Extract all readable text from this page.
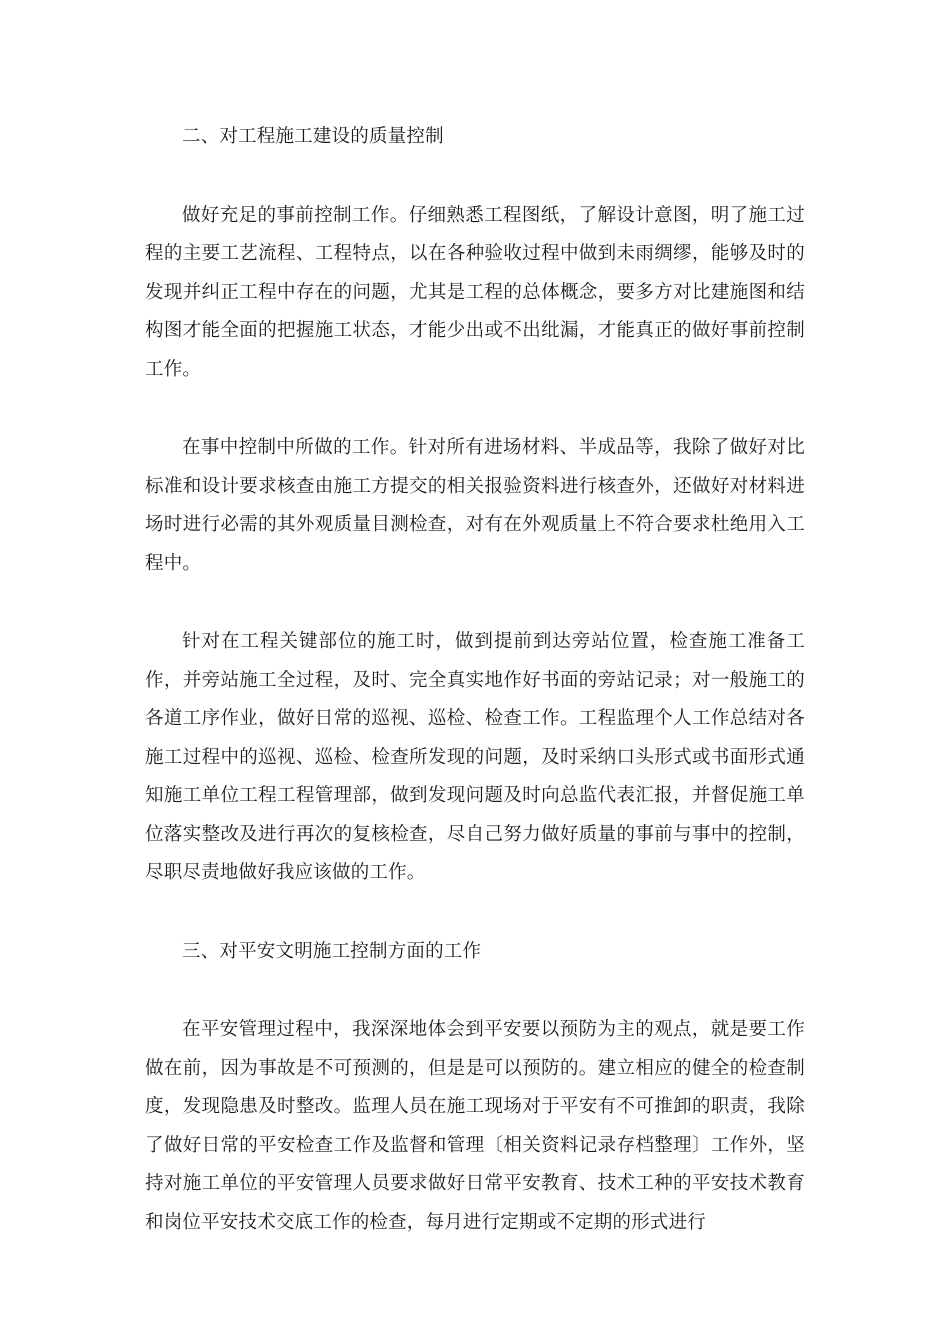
二、对工程施工建设的质量控制

做好充足的事前控制工作。仔细熟悉工程图纸，了解设计意图，明了施工过程的主要工艺流程、工程特点，以在各种验收过程中做到未雨绸缪，能够及时的发现并纠正工程中存在的问题，尤其是工程的总体概念，要多方对比建施图和结构图才能全面的把握施工状态，才能少出或不出纰漏，才能真正的做好事前控制工作。

在事中控制中所做的工作。针对所有进场材料、半成品等，我除了做好对比标准和设计要求核查由施工方提交的相关报验资料进行核查外，还做好对材料进场时进行必需的其外观质量目测检查，对有在外观质量上不符合要求杜绝用入工程中。

针对在工程关键部位的施工时，做到提前到达旁站位置，检查施工准备工作，并旁站施工全过程，及时、完全真实地作好书面的旁站记录；对一般施工的各道工序作业，做好日常的巡视、巡检、检查工作。工程监理个人工作总结对各施工过程中的巡视、巡检、检查所发现的问题，及时采纳口头形式或书面形式通知施工单位工程工程管理部，做到发现问题及时向总监代表汇报，并督促施工单位落实整改及进行再次的复核检查，尽自己努力做好质量的事前与事中的控制，尽职尽责地做好我应该做的工作。

三、对平安文明施工控制方面的工作

在平安管理过程中，我深深地体会到平安要以预防为主的观点，就是要工作做在前，因为事故是不可预测的，但是是可以预防的。建立相应的健全的检查制度，发现隐患及时整改。监理人员在施工现场对于平安有不可推卸的职责，我除了做好日常的平安检查工作及监督和管理〔相关资料记录存档整理〕工作外，坚持对施工单位的平安管理人员要求做好日常平安教育、技术工种的平安技术教育和岗位平安技术交底工作的检查，每月进行定期或不定期的形式进行
